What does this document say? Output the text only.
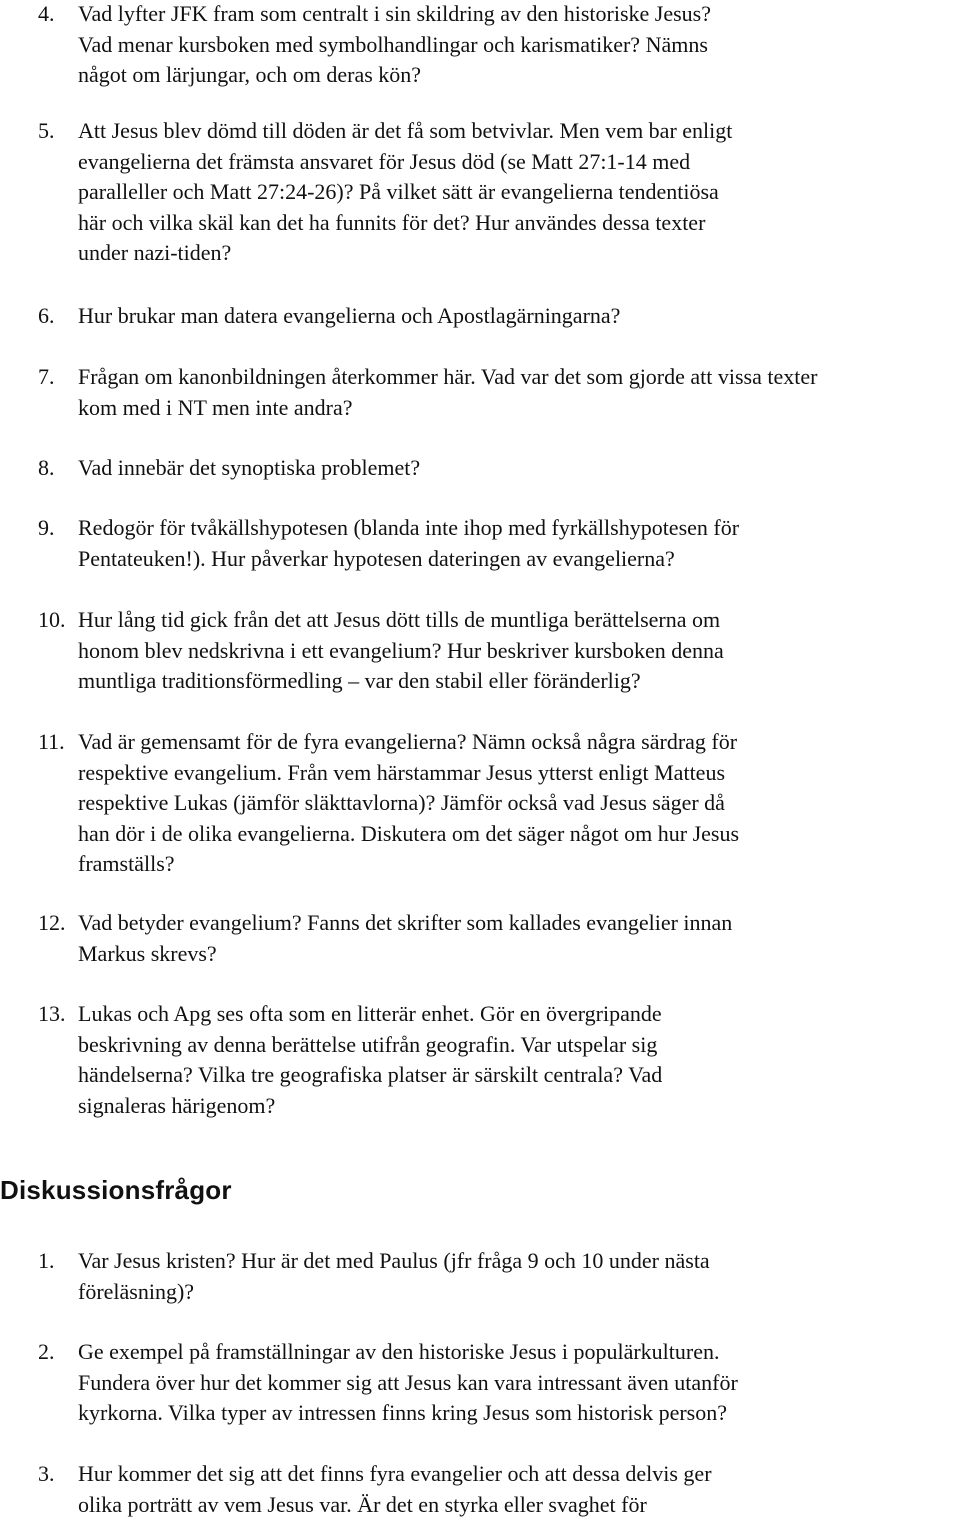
4. Vad lyfter JFK fram som centralt i sin skildring av den historiske Jesus?
Vad menar kursboken med symbolhandlingar och karismatiker? Nämns
något om lärjungar, och om deras kön?
5. Att Jesus blev dömd till döden är det få som betvivlar. Men vem bar enligt
evangelierna det främsta ansvaret för Jesus död (se Matt 27:1-14 med
paralleller och Matt 27:24-26)? På vilket sätt är evangelierna tendentiösa
här och vilka skäl kan det ha funnits för det? Hur användes dessa texter
under nazi-tiden?
6. Hur brukar man datera evangelierna och Apostlagärningarna?
7. Frågan om kanonbildningen återkommer här. Vad var det som gjorde att vissa texter
kom med i NT men inte andra?
8. Vad innebär det synoptiska problemet?
9. Redogör för tvåkällshypotesen (blanda inte ihop med fyrkällshypotesen för
Pentateuken!). Hur påverkar hypotesen dateringen av evangelierna?
10. Hur lång tid gick från det att Jesus dött tills de muntliga berättelserna om
honom blev nedskrivna i ett evangelium? Hur beskriver kursboken denna
muntliga traditionsförmedling – var den stabil eller föränderlig?
11. Vad är gemensamt för de fyra evangelierna? Nämn också några särdrag för
respektive evangelium. Från vem härstammar Jesus ytterst enligt Matteus
respektive Lukas (jämför släkttavlorna)? Jämför också vad Jesus säger då
han dör i de olika evangelierna. Diskutera om det säger något om hur Jesus
framställs?
12. Vad betyder evangelium? Fanns det skrifter som kallades evangelier innan
Markus skrevs?
13. Lukas och Apg ses ofta som en litterär enhet. Gör en övergripande
beskrivning av denna berättelse utifrån geografin. Var utspelar sig
händelserna? Vilka tre geografiska platser är särskilt centrala? Vad
signaleras härigenom?
Diskussionsfrågor
1. Var Jesus kristen? Hur är det med Paulus (jfr fråga 9 och 10 under nästa
föreläsning)?
2. Ge exempel på framställningar av den historiske Jesus i populärkulturen.
Fundera över hur det kommer sig att Jesus kan vara intressant även utanför
kyrkorna. Vilka typer av intressen finns kring Jesus som historisk person?
3. Hur kommer det sig att det finns fyra evangelier och att dessa delvis ger
olika porträtt av vem Jesus var. Är det en styrka eller svaghet för
